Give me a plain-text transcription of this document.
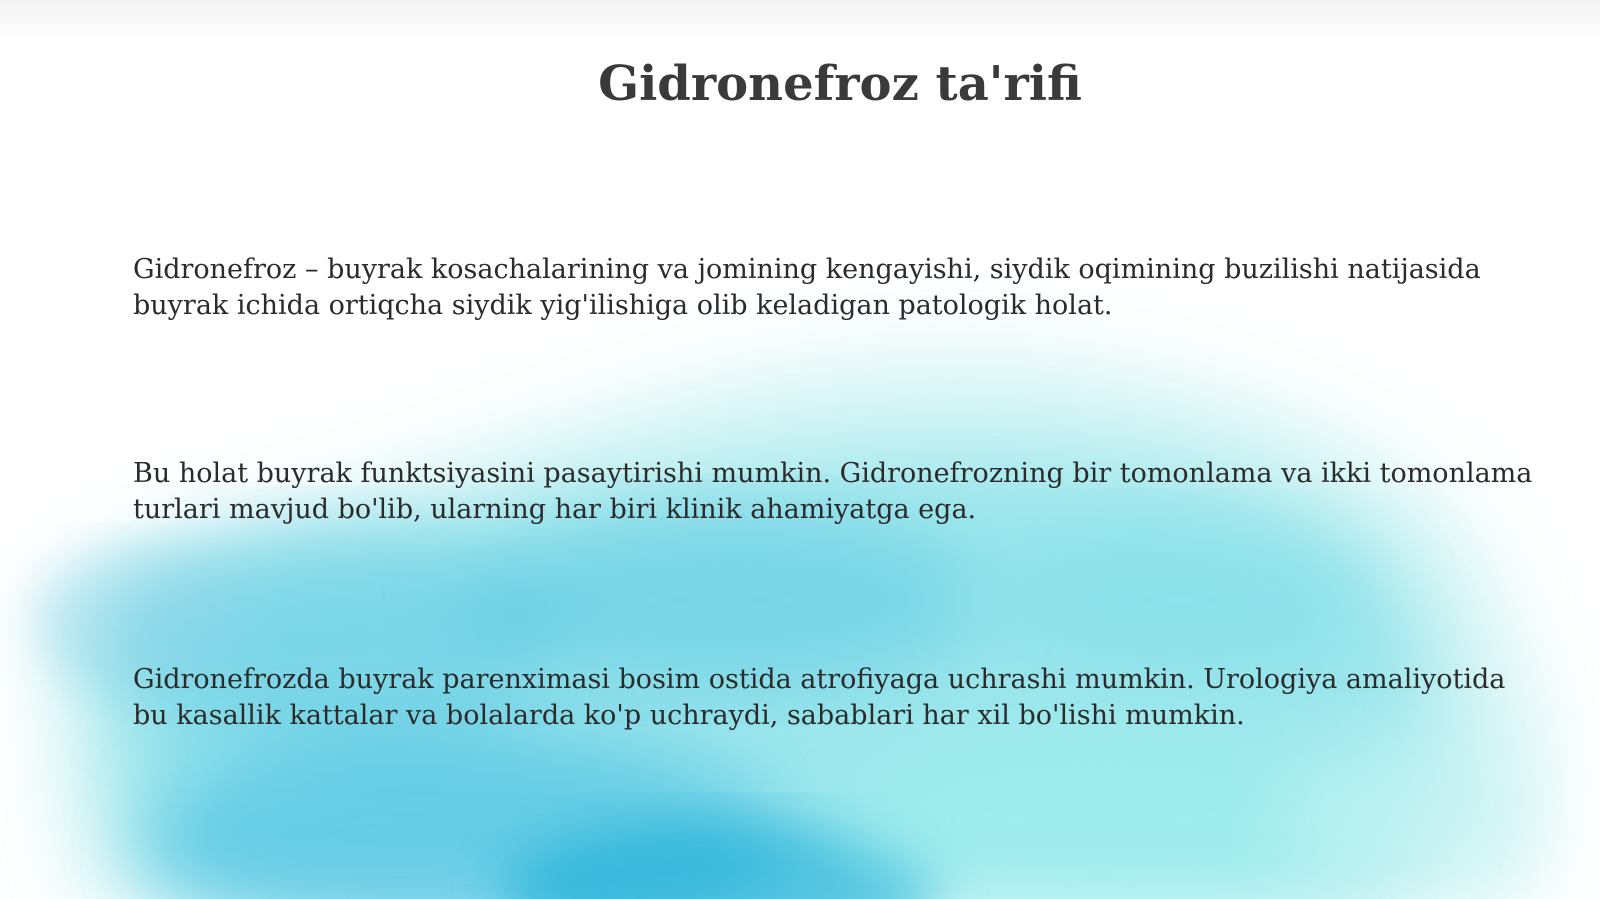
Gidronefroz ta'rifi

Gidronefroz – buyrak kosachalarining va jomining kengayishi, siydik oqimining buzilishi natijasida buyrak ichida ortiqcha siydik yig'ilishiga olib keladigan patologik holat.

Bu holat buyrak funktsiyasini pasaytirishi mumkin. Gidronefrozning bir tomonlama va ikki tomonlama turlari mavjud bo'lib, ularning har biri klinik ahamiyatga ega.

Gidronefrozda buyrak parenximasi bosim ostida atrofiyaga uchrashi mumkin. Urologiya amaliyotida bu kasallik kattalar va bolalarda ko'p uchraydi, sabablari har xil bo'lishi mumkin.
